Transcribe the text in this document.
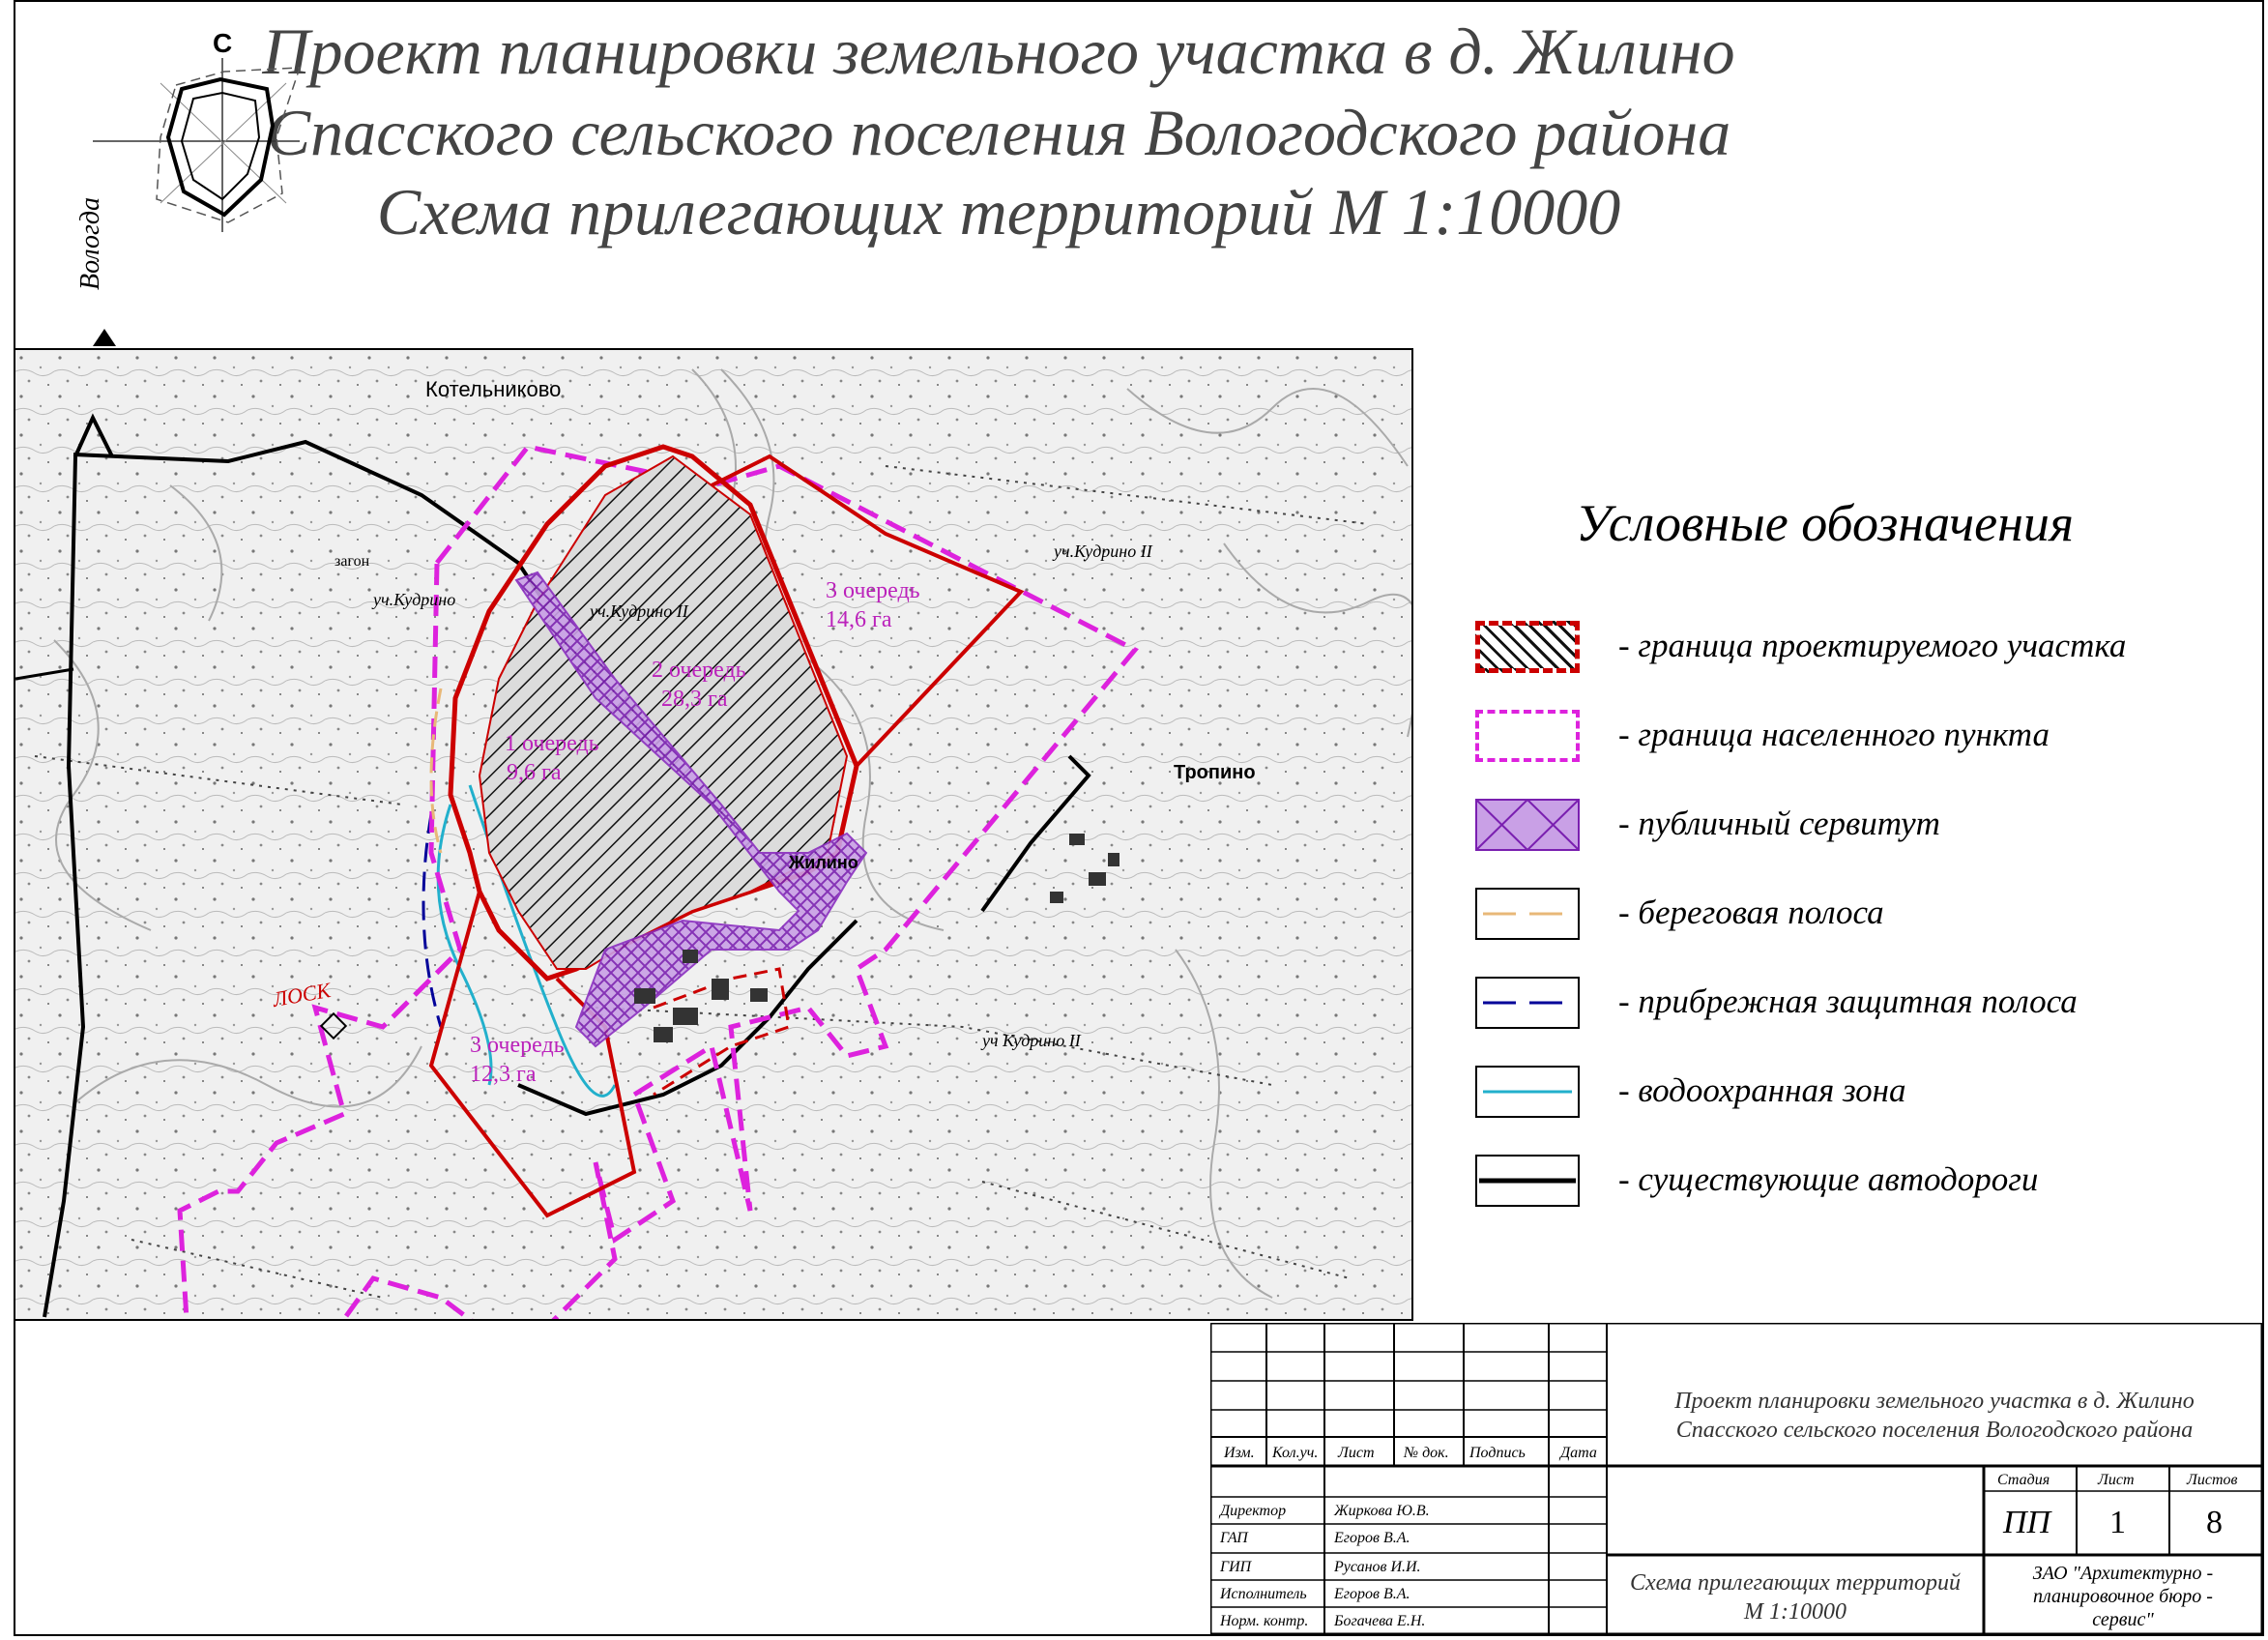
Проект планировки земельного участка в д. Жилино
Спасского сельского поселения Вологодского района
Схема прилегающих территорий М 1:10000
С
Вологда
Котельниково
Тропино
Жилино
уч.Кудрино II
уч Кудрино II
уч.Кудрино
уч.Кудрино II
загон
3 очередь
14,6 га
2 очередь
28,3 га
1 очередь
9,6 га
3 очередь
12,3 га
ЛОСК
Условные обозначения
- граница проектируемого участка
- граница населенного пункта
- публичный сервитут
- береговая полоса
- прибрежная защитная полоса
- водоохранная зона
- существующие автодороги
Изм. Кол.уч. Лист № док. Подпись Дата
Директор
ГАП
ГИП
Исполнитель
Норм. контр.
Жиркова Ю.В.
Егоров В.А.
Русанов И.И.
Егоров В.А.
Богачева Е.Н.
Проект планировки земельного участка в д. Жилино
Спасского сельского поселения Вологодского района
Схема прилегающих территорий
М 1:10000
Стадия	Лист	Листов
ПП 1 8
ЗАО "Архитектурно -
планировочное бюро -
сервис"
